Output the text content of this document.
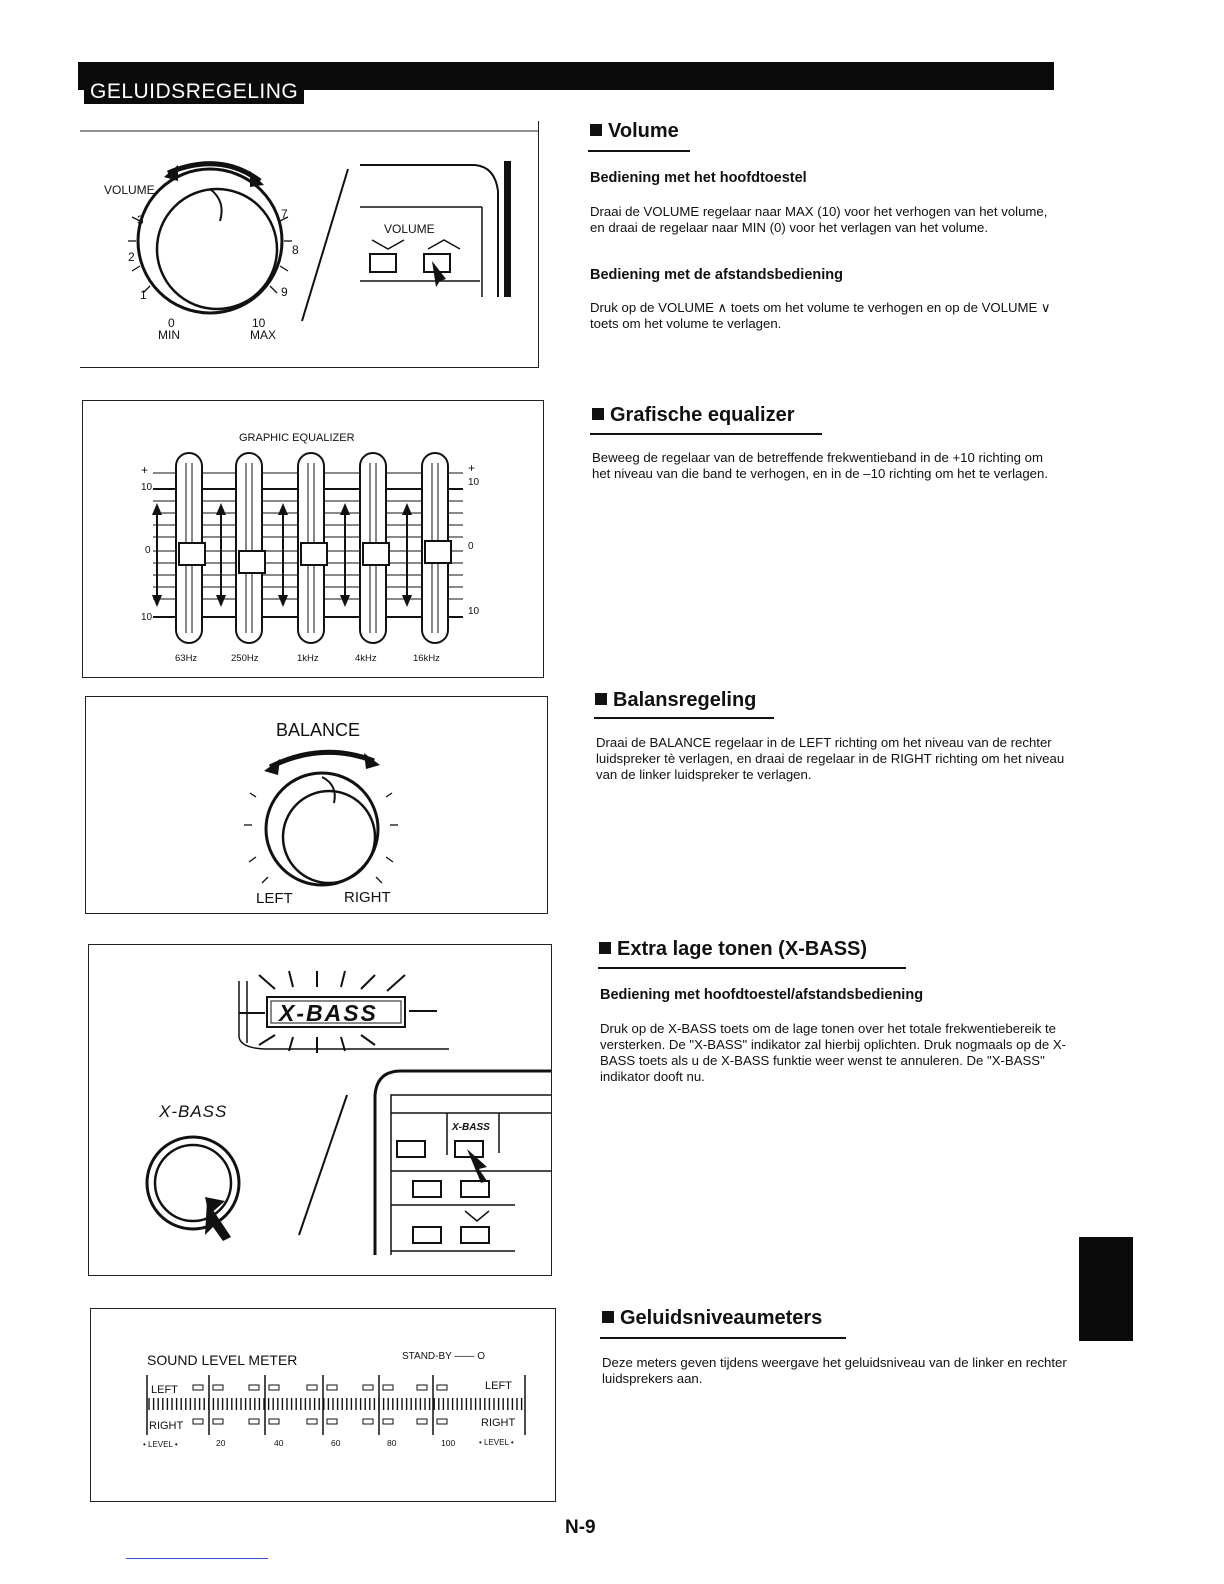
GELUIDSREGELING
VOLUME
3
2
1
7
8
9
0	10
MIN	MAX
VOLUME
Volume
Bediening met het hoofdtoestel
Draai de VOLUME regelaar naar MAX (10) voor het verhogen van het volume, en draai de regelaar naar MIN (0) voor het verlagen van het volume.
Bediening met de afstandsbediening
Druk op de VOLUME ∧ toets om het volume te verhogen en op de VOLUME ∨ toets om het volume te verlagen.
GRAPHIC EQUALIZER
+
10
0
10
+
10
0
10
63Hz	250Hz	1kHz	4kHz	16kHz
Grafische equalizer
Beweeg de regelaar van de betreffende frekwentieband in de +10 richting om het niveau van die band te verhogen, en in de –10 richting om het te verlagen.
BALANCE
LEFT	RIGHT
Balansregeling
Draai de BALANCE regelaar in de LEFT richting om het niveau van de rechter luidspreker tè verlagen, en draai de regelaar in de RIGHT richting om het niveau van de linker luidspreker te verlagen.
X-BASS
X-BASS
X-BASS
Extra lage tonen (X-BASS)
Bediening met hoofdtoestel/afstandsbediening
Druk op de X-BASS toets om de lage tonen over het totale frekwentiebereik te versterken. De "X-BASS" indikator zal hierbij oplichten. Druk nogmaals op de X-BASS toets als u de X-BASS funktie weer wenst te annuleren. De "X-BASS" indikator dooft nu.
SOUND LEVEL METER	STAND-BY —— O
LEFT	LEFT
RIGHT	RIGHT
• LEVEL •	• LEVEL •
20	40	60	80	100
Geluidsniveaumeters
Deze meters geven tijdens weergave het geluidsniveau van de linker en rechter luidsprekers aan.
N-9
